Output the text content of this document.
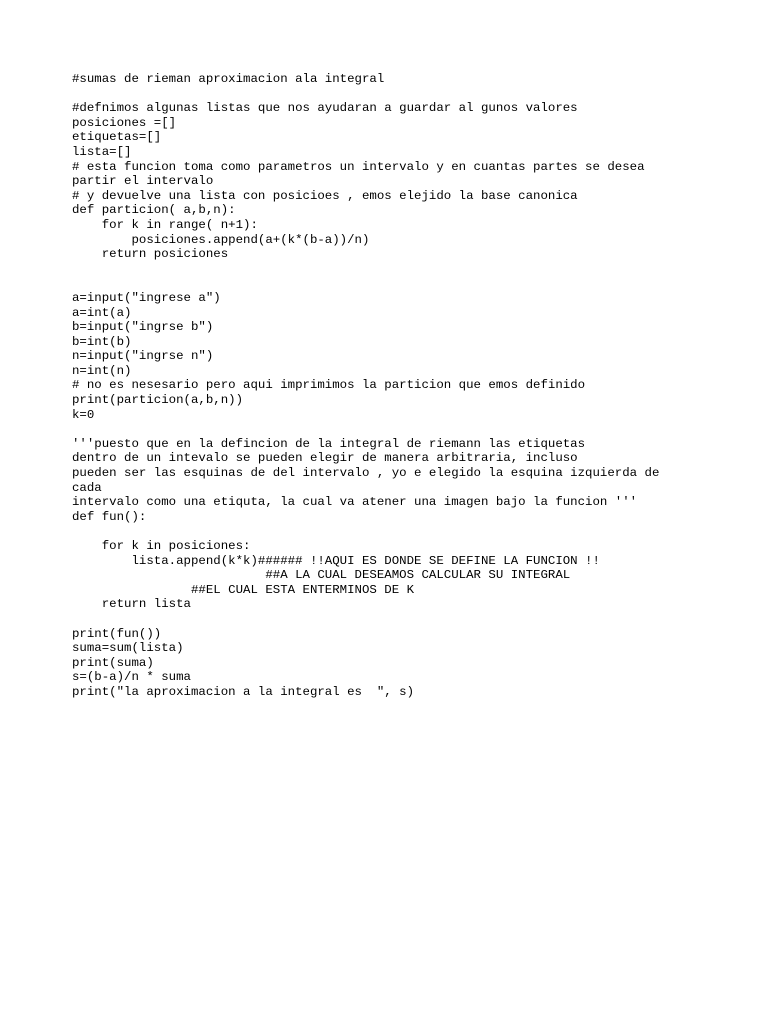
#sumas de rieman aproximacion ala integral
#defnimos algunas listas que nos ayudaran a guardar al gunos valores
posiciones =[]
etiquetas=[]
lista=[]
# esta funcion toma como parametros un intervalo y en cuantas partes se desea
partir el intervalo
# y devuelve una lista con posicioes , emos elejido la base canonica
def particion( a,b,n):
for k in range( n+1):
posiciones.append(a+(k*(b-a))/n)
return posiciones
a=input("ingrese a")
a=int(a)
b=input("ingrse b")
b=int(b)
n=input("ingrse n")
n=int(n)
# no es nesesario pero aqui imprimimos la particion que emos definido
print(particion(a,b,n))
k=0
'''puesto que en la defincion de la integral de riemann las etiquetas
dentro de un intevalo se pueden elegir de manera arbitraria, incluso
pueden ser las esquinas de del intervalo , yo e elegido la esquina izquierda de
cada
intervalo como una etiquta, la cual va atener una imagen bajo la funcion '''
def fun():
for k in posiciones:
lista.append(k*k)###### !!AQUI ES DONDE SE DEFINE LA FUNCION !!
##A LA CUAL DESEAMOS CALCULAR SU INTEGRAL
##EL CUAL ESTA ENTERMINOS DE K
return lista
print(fun())
suma=sum(lista)
print(suma)
s=(b-a)/n * suma
print("la aproximacion a la integral es  ", s)
